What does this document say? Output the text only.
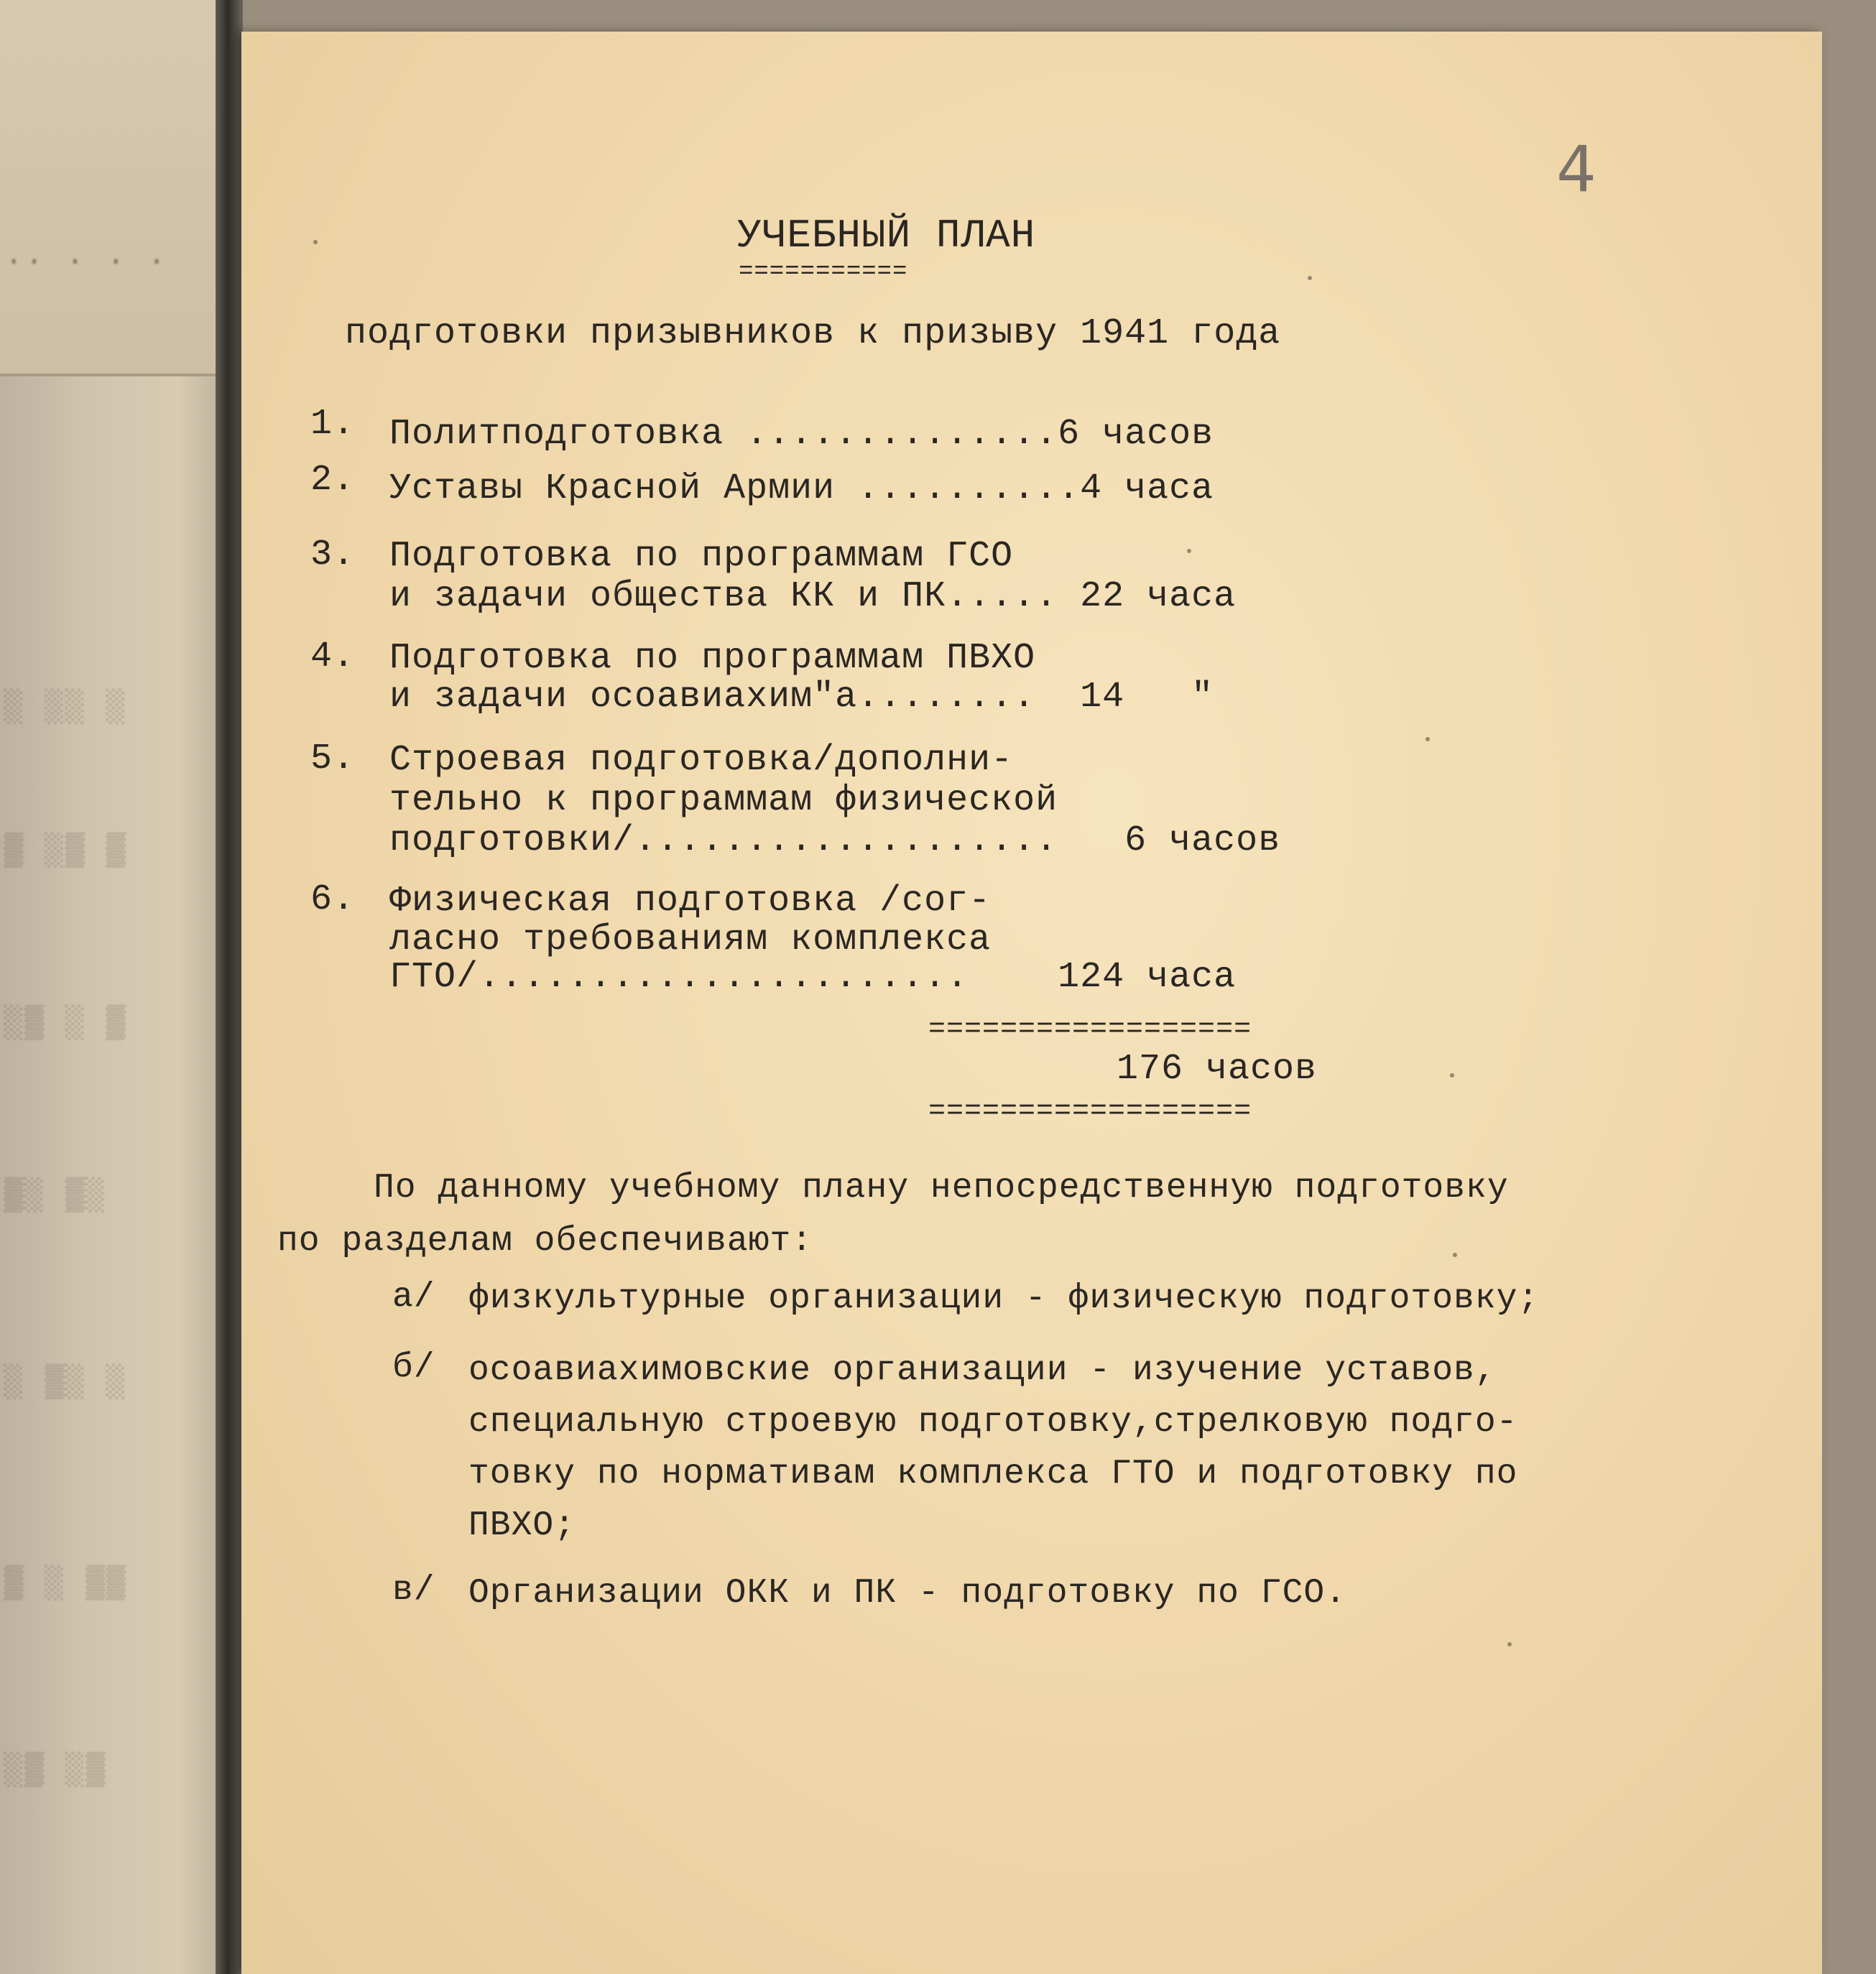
·· · · ·
░ ░░ ░
▒ ░▒ ▒
░▒ ░ ▒
▒░ ▒░
░ ▒░ ░
▒ ░ ▒▒
░▒ ░▒
4
УЧЕБНЫЙ ПЛАН
===========
подготовки призывников к призыву 1941 года
1. Политподготовка ..............6 часов
2. Уставы Красной Армии ..........4 часа
3. Подготовка по программам ГСО
и задачи общества КК и ПК..... 22 часа
4. Подготовка по программам ПВХО
и задачи осоавиахим"а........  14   "
5. Строевая подготовка/дополни-
тельно к программам физической
подготовки/...................   6 часов
6. Физическая подготовка /сог-
ласно требованиям комплекса
ГТО/......................    124 часа
==================
176 часов
==================
По данному учебному плану непосредственную подготовку
по разделам обеспечивают:
а/ физкультурные организации - физическую подготовку;
б/ осоавиахимовские организации - изучение уставов,
специальную строевую подготовку,стрелковую подго-
товку по нормативам комплекса ГТО и подготовку по
ПВХО;
в/ Организации ОКК и ПК - подготовку по ГСО.
